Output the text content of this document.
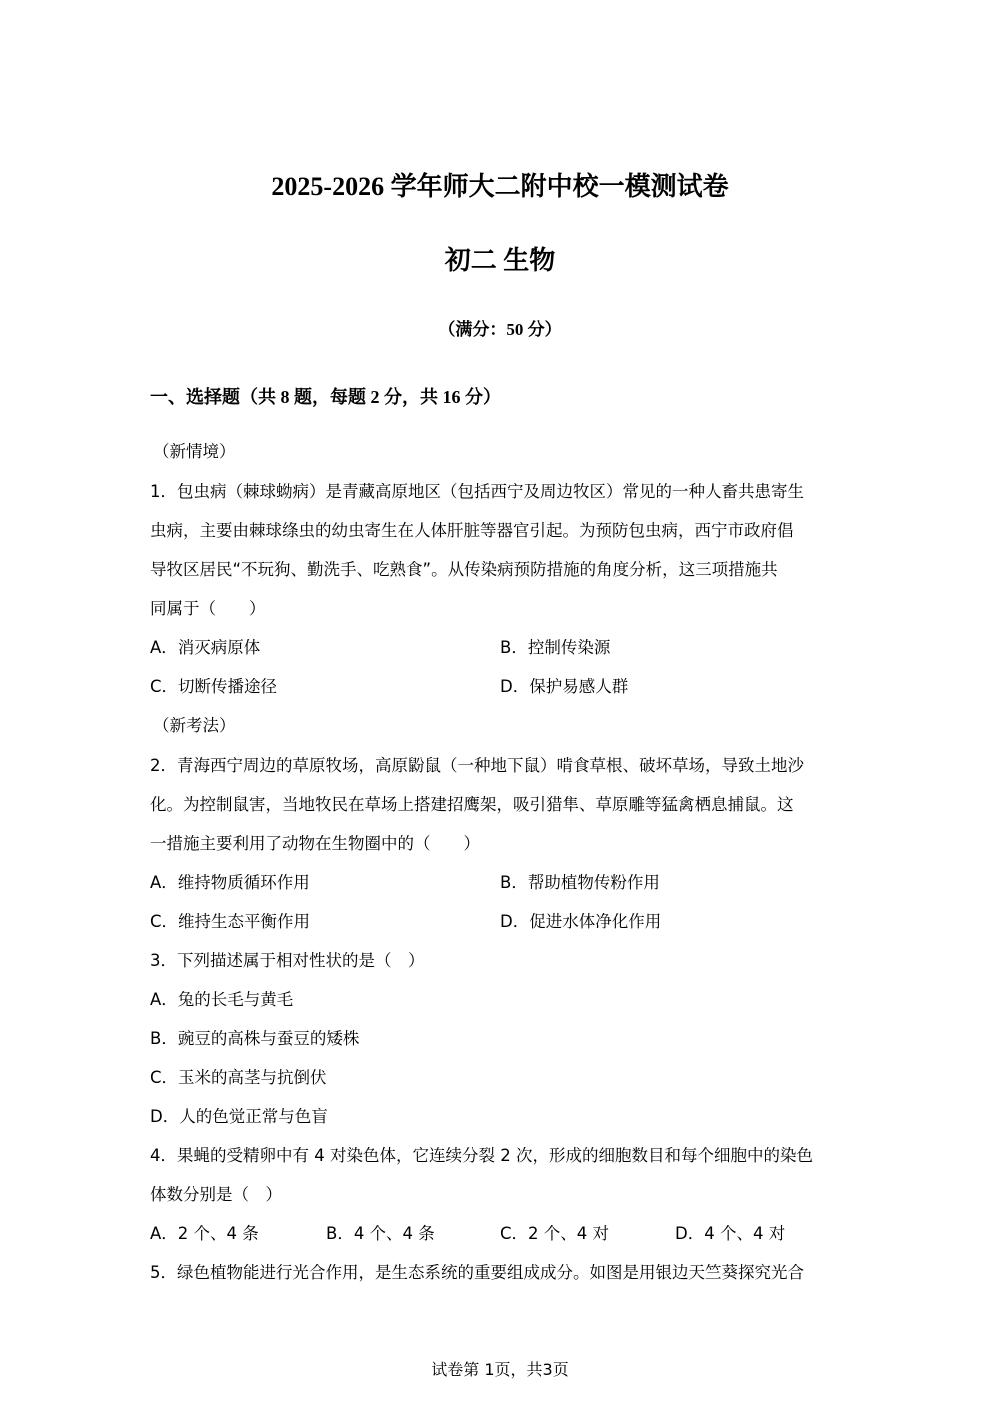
2025-2026 学年师大二附中校一模测试卷
初二 生物
（满分：50 分）
一、选择题（共 8 题，每题 2 分，共 16 分）
（新情境）
1．包虫病（棘球蚴病）是青藏高原地区（包括西宁及周边牧区）常见的一种人畜共患寄生
虫病，主要由棘球绦虫的幼虫寄生在人体肝脏等器官引起。为预防包虫病，西宁市政府倡
导牧区居民“不玩狗、勤洗手、吃熟食”。从传染病预防措施的角度分析，这三项措施共
同属于（　　）
A．消灭病原体	B．控制传染源
C．切断传播途径	D．保护易感人群
（新考法）
2．青海西宁周边的草原牧场，高原鼢鼠（一种地下鼠）啃食草根、破坏草场，导致土地沙
化。为控制鼠害，当地牧民在草场上搭建招鹰架，吸引猎隼、草原雕等猛禽栖息捕鼠。这
一措施主要利用了动物在生物圈中的（　　）
A．维持物质循环作用	B．帮助植物传粉作用
C．维持生态平衡作用	D．促进水体净化作用
3．下列描述属于相对性状的是（　）
A．兔的长毛与黄毛
B．豌豆的高株与蚕豆的矮株
C．玉米的高茎与抗倒伏
D．人的色觉正常与色盲
4．果蝇的受精卵中有 4 对染色体，它连续分裂 2 次，形成的细胞数目和每个细胞中的染色
体数分别是（　）
A．2 个、4 条	B．4 个、4 条	C．2 个、4 对	D．4 个、4 对
5．绿色植物能进行光合作用，是生态系统的重要组成成分。如图是用银边天竺葵探究光合
试卷第 1页，共3页
